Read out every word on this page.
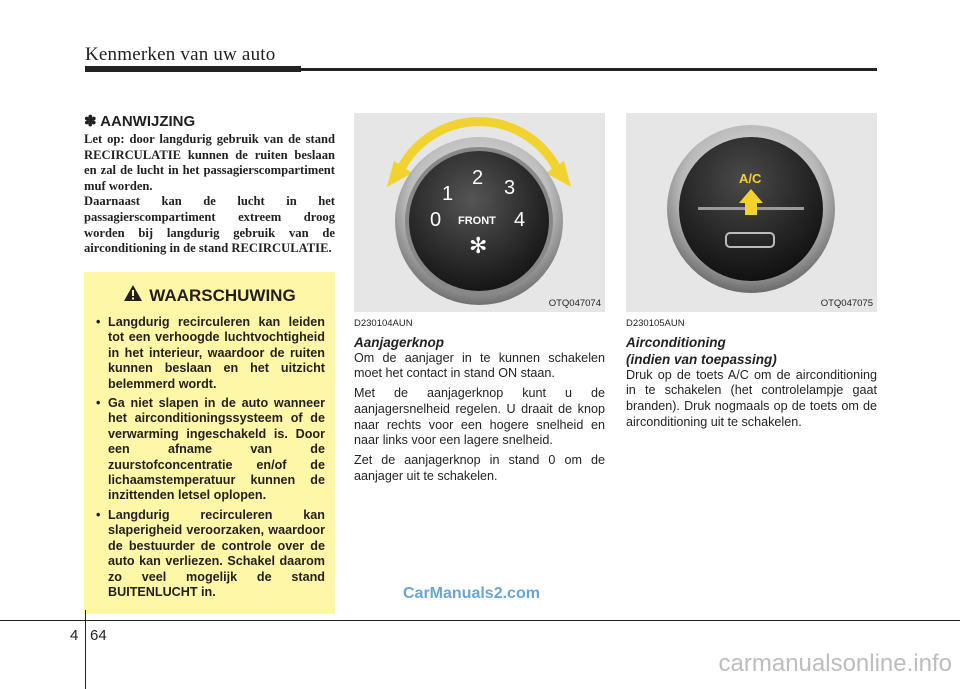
Kenmerken van uw auto
✽ AANWIJZING

Let op: door langdurig gebruik van de stand RECIRCULATIE kunnen de ruiten beslaan en zal de lucht in het passagierscompartiment muf worden.

Daarnaast kan de lucht in het passagierscompartiment extreem droog worden bij langdurig gebruik van de airconditioning in de stand RECIRCULATIE.

WAARSCHUWING
• Langdurig recirculeren kan leiden tot een verhoogde luchtvochtigheid in het interieur, waardoor de ruiten kunnen beslaan en het uitzicht belemmerd wordt.
• Ga niet slapen in de auto wanneer het airconditioningssysteem of de verwarming ingeschakeld is. Door een afname van de zuurstofconcentratie en/of de lichaamstemperatuur kunnen de inzittenden letsel oplopen.
• Langdurig recirculeren kan slaperigheid veroorzaken, waardoor de bestuurder de controle over de auto kan verliezen. Schakel daarom zo veel mogelijk de stand BUITENLUCHT in.
1
2 3
0	4
FRONT
✻
OTQ047074
A/C
OTQ047075
D230104AUN
Aanjagerknop

Om de aanjager in te kunnen schakelen moet het contact in stand ON staan.

Met de aanjagerknop kunt u de aanjagersnelheid regelen. U draait de knop naar rechts voor een hogere snelheid en naar links voor een lagere snelheid.

Zet de aanjagerknop in stand 0 om de aanjager uit te schakelen.

D230105AUN
Airconditioning
(indien van toepassing)

Druk op de toets A/C om de airconditioning in te schakelen (het controlelampje gaat branden). Druk nogmaals op de toets om de airconditioning uit te schakelen.

CarManuals2.com
4 64
carmanualsonline.info
